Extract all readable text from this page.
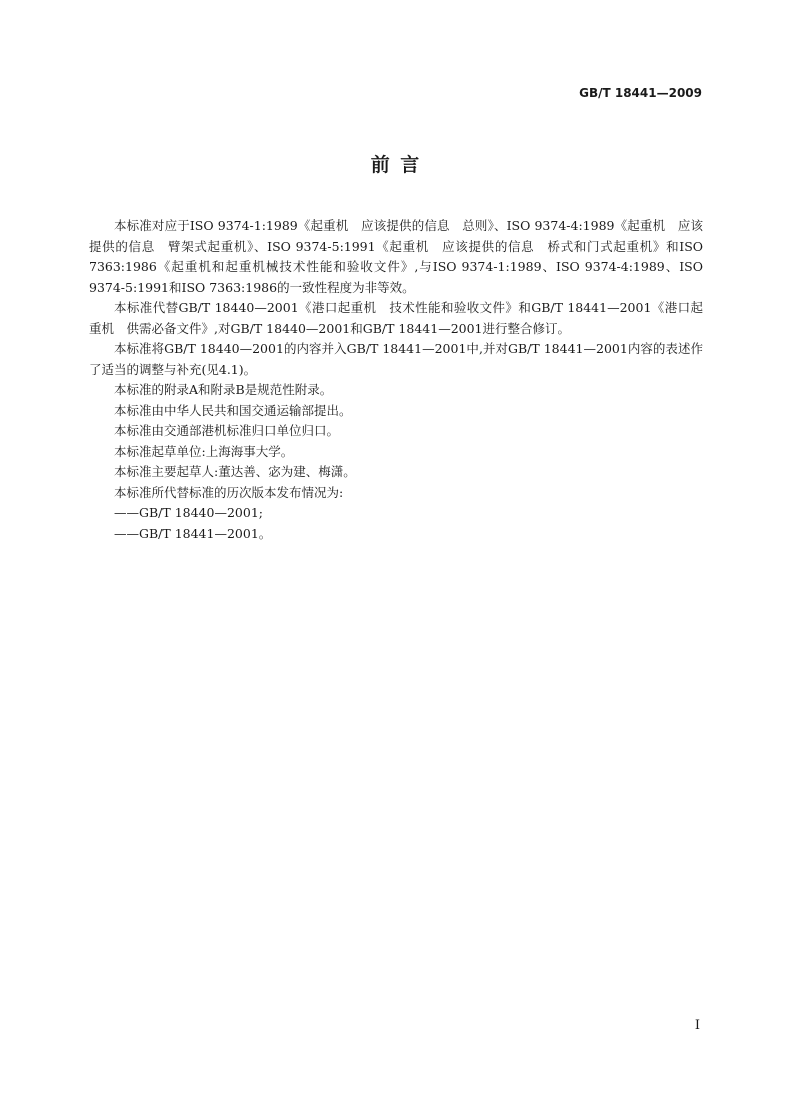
GB/T 18441—2009
前 言

本标准对应于ISO 9374-1:1989《起重机　应该提供的信息　总则》、ISO 9374-4:1989《起重机　应该提供的信息　臂架式起重机》、ISO 9374-5:1991《起重机　应该提供的信息　桥式和门式起重机》和ISO 7363:1986《起重机和起重机械技术性能和验收文件》,与ISO 9374-1:1989、ISO 9374-4:1989、ISO 9374-5:1991和ISO 7363:1986的一致性程度为非等效。

本标准代替GB/T 18440—2001《港口起重机　技术性能和验收文件》和GB/T 18441—2001《港口起重机　供需必备文件》,对GB/T 18440—2001和GB/T 18441—2001进行整合修订。

本标准将GB/T 18440—2001的内容并入GB/T 18441—2001中,并对GB/T 18441—2001内容的表述作了适当的调整与补充(见4.1)。

本标准的附录A和附录B是规范性附录。

本标准由中华人民共和国交通运输部提出。

本标准由交通部港机标准归口单位归口。

本标准起草单位:上海海事大学。

本标准主要起草人:董达善、宓为建、梅潇。

本标准所代替标准的历次版本发布情况为:

——GB/T 18440—2001;

——GB/T 18441—2001。

I
